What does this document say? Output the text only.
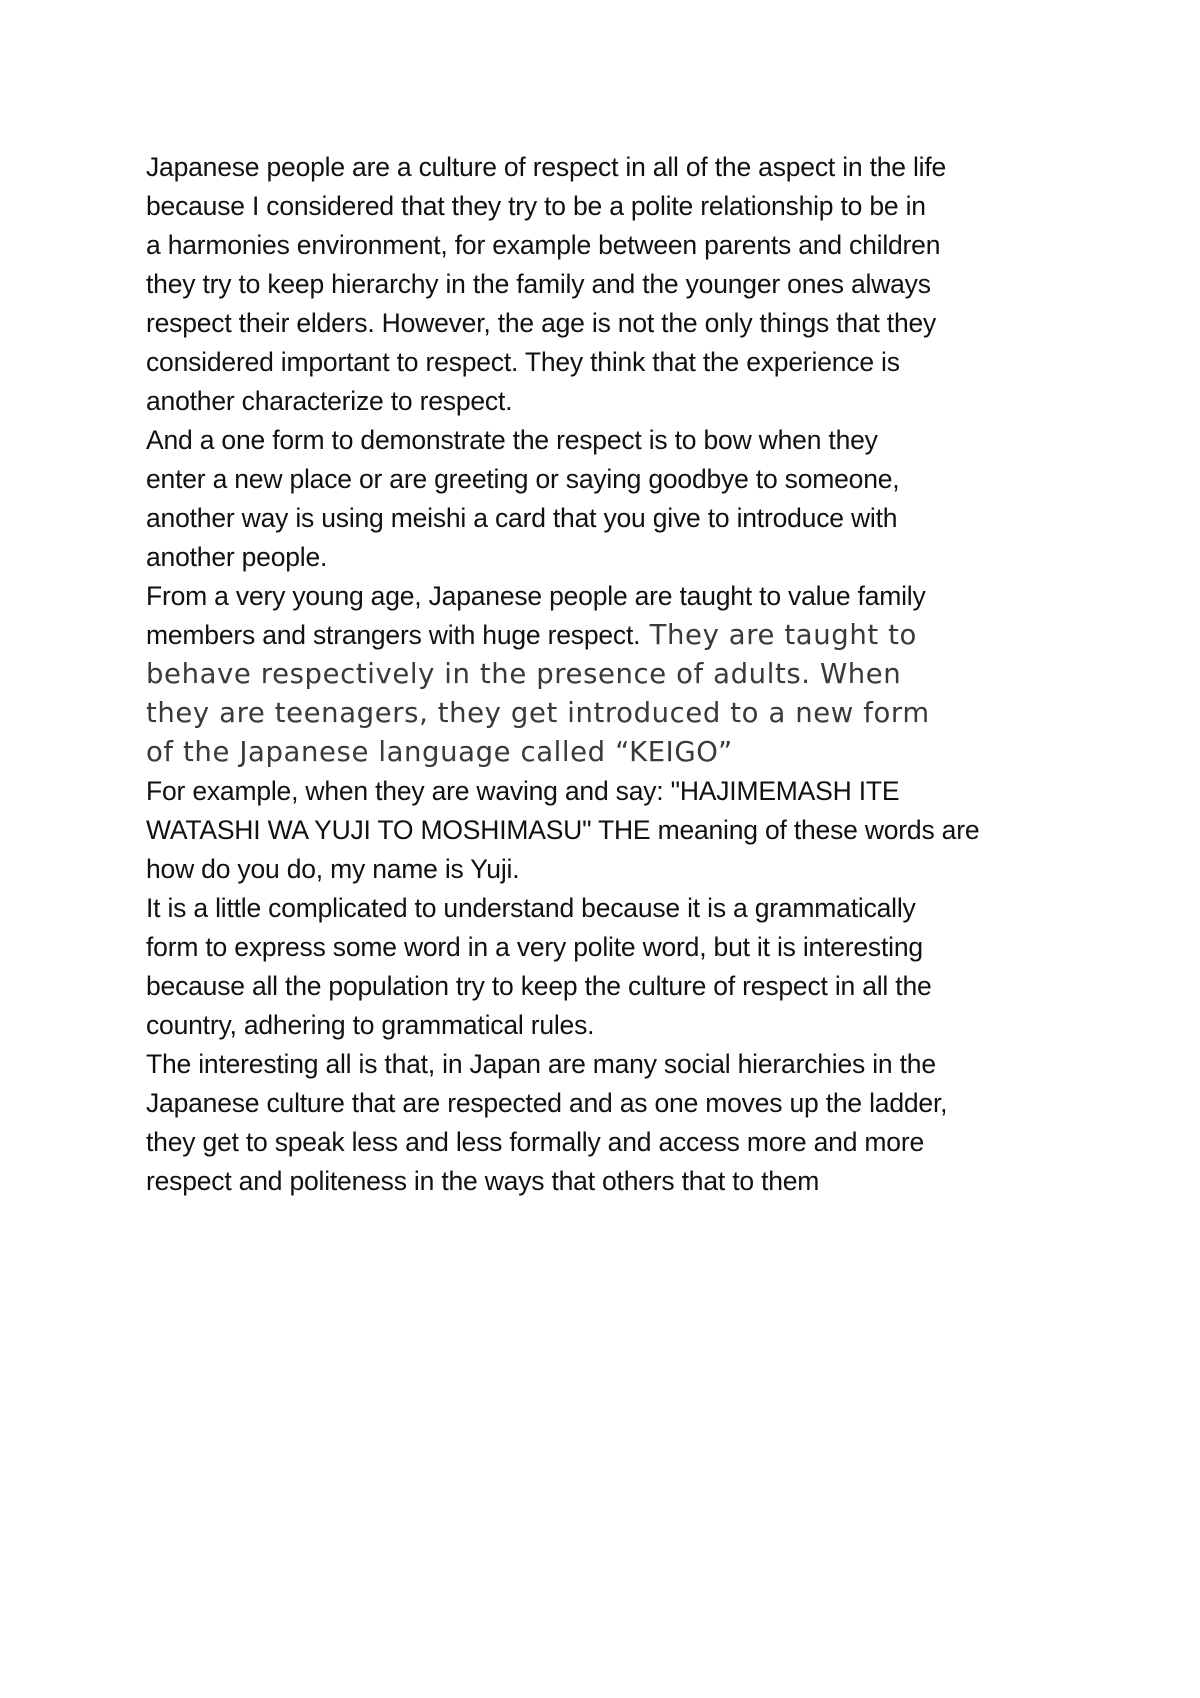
Japanese people are a culture of respect in all of the aspect in the life
because I considered that they try to be a polite relationship to be in
a harmonies environment, for example between parents and children
they try to keep hierarchy in the family and the younger ones always
respect their elders. However, the age is not the only things that they
considered important to respect. They think that the experience is
another characterize to respect.
And a one form to demonstrate the respect is to bow when they
enter a new place or are greeting or saying goodbye to someone,
another way is using meishi a card that you give to introduce with
another people.
From a very young age, Japanese people are taught to value family
members and strangers with huge respect. They are taught to
behave respectively in the presence of adults. When
they are teenagers, they get introduced to a new form
of the Japanese language called “KEIGO”
For example, when they are waving and say: "HAJIMEMASH ITE
WATASHI WA YUJI TO MOSHIMASU" THE meaning of these words are
how do you do, my name is Yuji.
It is a little complicated to understand because it is a grammatically
form to express some word in a very polite word, but it is interesting
because all the population try to keep the culture of respect in all the
country, adhering to grammatical rules.
The interesting all is that, in Japan are many social hierarchies in the
Japanese culture that are respected and as one moves up the ladder,
they get to speak less and less formally and access more and more
respect and politeness in the ways that others that to them
